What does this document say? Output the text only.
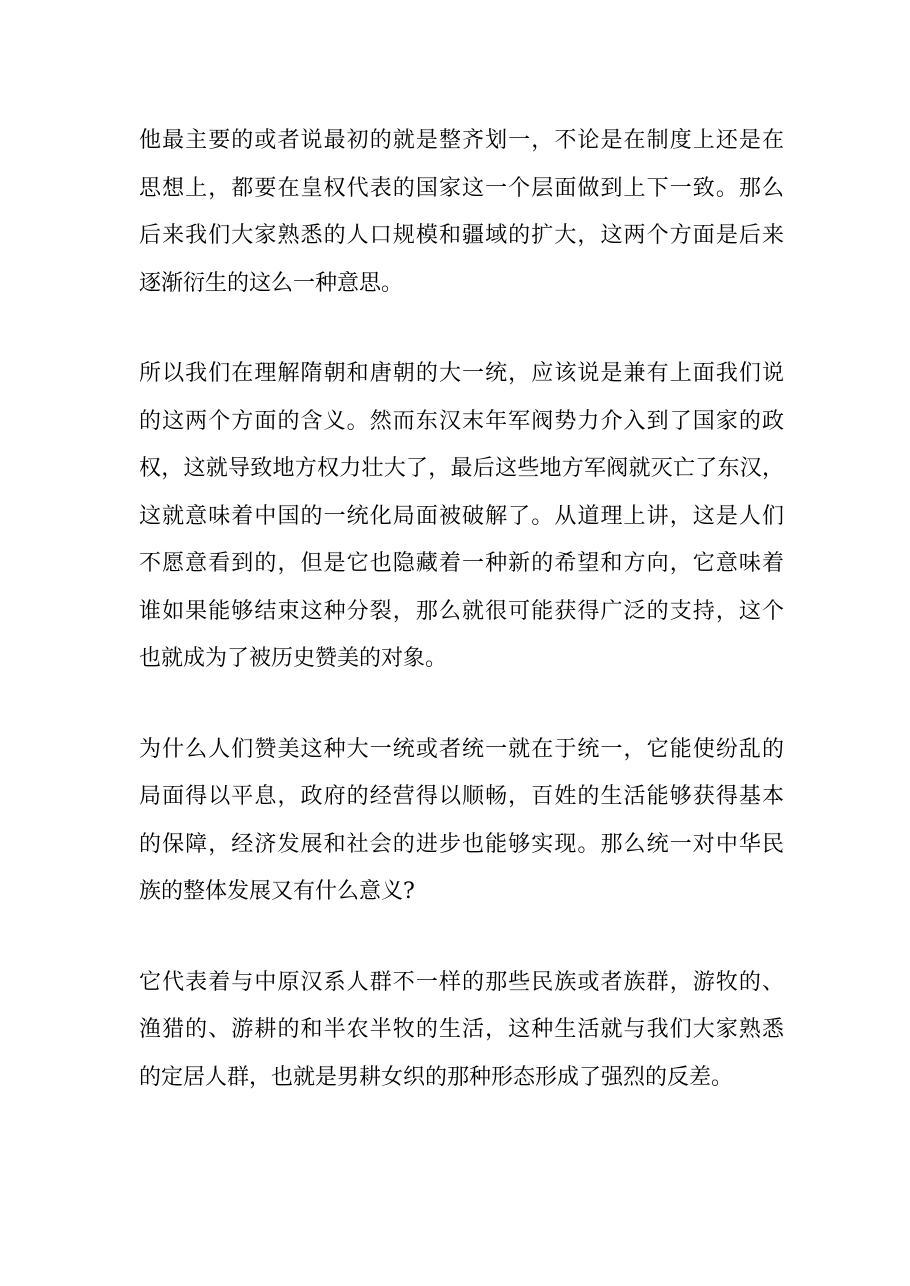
他最主要的或者说最初的就是整齐划一，不论是在制度上还是在
思想上，都要在皇权代表的国家这一个层面做到上下一致。那么
后来我们大家熟悉的人口规模和疆域的扩大，这两个方面是后来
逐渐衍生的这么一种意思。

所以我们在理解隋朝和唐朝的大一统，应该说是兼有上面我们说
的这两个方面的含义。然而东汉末年军阀势力介入到了国家的政
权，这就导致地方权力壮大了，最后这些地方军阀就灭亡了东汉，
这就意味着中国的一统化局面被破解了。从道理上讲，这是人们
不愿意看到的，但是它也隐藏着一种新的希望和方向，它意味着
谁如果能够结束这种分裂，那么就很可能获得广泛的支持，这个
也就成为了被历史赞美的对象。

为什么人们赞美这种大一统或者统一就在于统一，它能使纷乱的
局面得以平息，政府的经营得以顺畅，百姓的生活能够获得基本
的保障，经济发展和社会的进步也能够实现。那么统一对中华民
族的整体发展又有什么意义?

它代表着与中原汉系人群不一样的那些民族或者族群，游牧的、
渔猎的、游耕的和半农半牧的生活，这种生活就与我们大家熟悉
的定居人群，也就是男耕女织的那种形态形成了强烈的反差。
